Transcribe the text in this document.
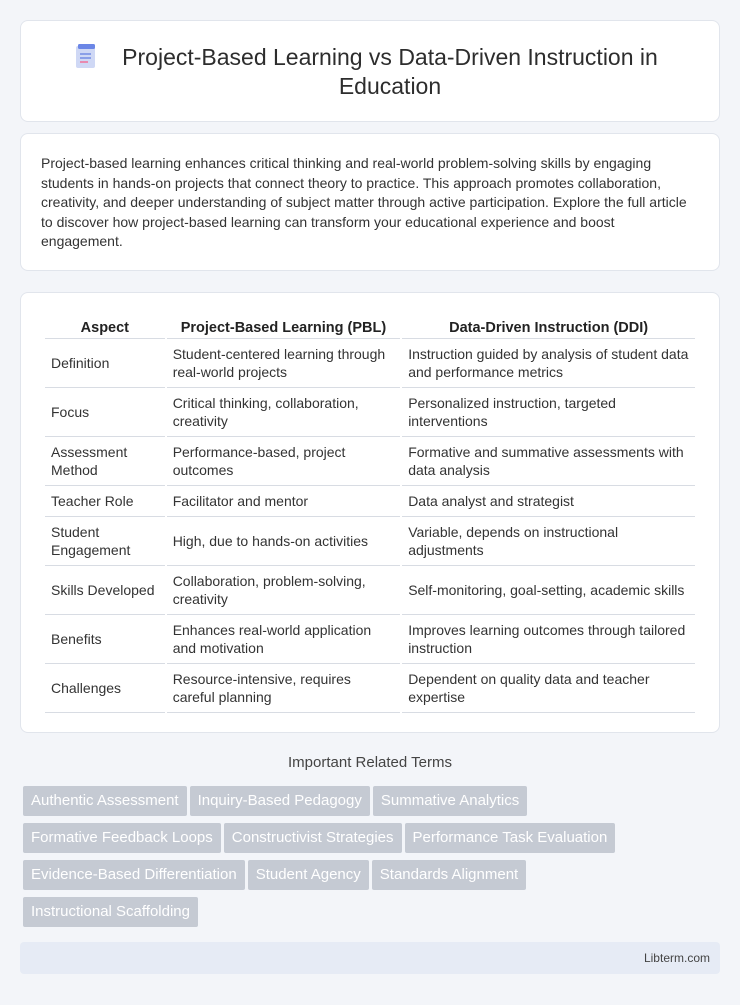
Project-Based Learning vs Data-Driven Instruction in Education

Project-based learning enhances critical thinking and real-world problem-solving skills by engaging students in hands-on projects that connect theory to practice. This approach promotes collaboration, creativity, and deeper understanding of subject matter through active participation. Explore the full article to discover how project-based learning can transform your educational experience and boost engagement.

Aspect	Project-Based Learning (PBL)	Data-Driven Instruction (DDI)
Definition	Student-centered learning through real-world projects	Instruction guided by analysis of student data and performance metrics
Focus	Critical thinking, collaboration, creativity	Personalized instruction, targeted interventions
Assessment Method	Performance-based, project outcomes	Formative and summative assessments with data analysis
Teacher Role	Facilitator and mentor	Data analyst and strategist
Student Engagement	High, due to hands-on activities	Variable, depends on instructional adjustments
Skills Developed	Collaboration, problem-solving, creativity	Self-monitoring, goal-setting, academic skills
Benefits	Enhances real-world application and motivation	Improves learning outcomes through tailored instruction
Challenges	Resource-intensive, requires careful planning	Dependent on quality data and teacher expertise
Important Related Terms
Authentic Assessment Inquiry-Based Pedagogy Summative Analytics
Formative Feedback Loops Constructivist Strategies Performance Task Evaluation
Evidence-Based Differentiation Student Agency Standards Alignment
Instructional Scaffolding
Libterm.com
